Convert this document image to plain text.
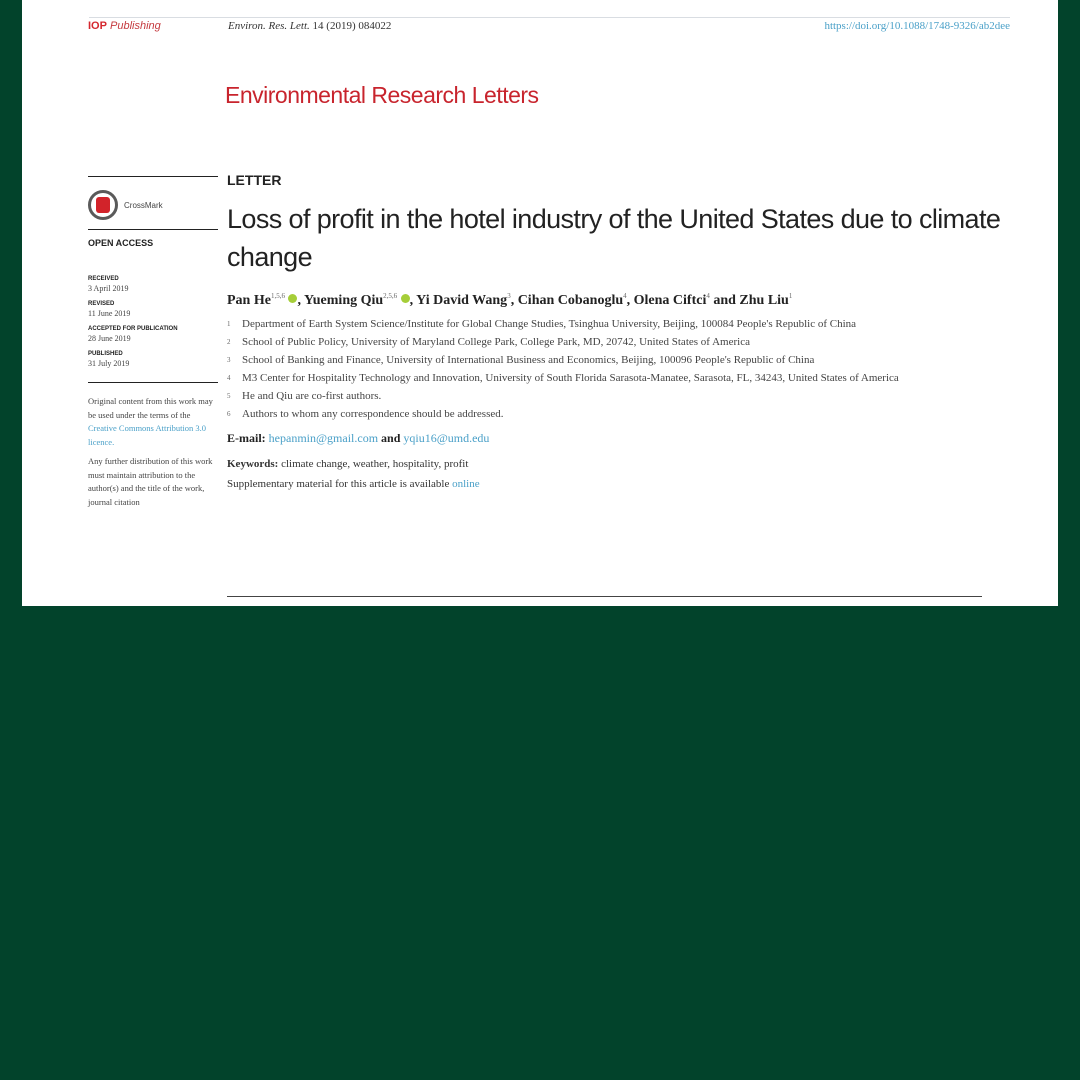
IOP Publishing	Environ. Res. Lett. 14 (2019) 084022	https://doi.org/10.1088/1748-9326/ab2dee
Environmental Research Letters
CrossMark
OPEN ACCESS
RECEIVED
3 April 2019
REVISED
11 June 2019
ACCEPTED FOR PUBLICATION
28 June 2019
PUBLISHED
31 July 2019
Original content from this work may be used under the terms of the Creative Commons Attribution 3.0 licence.
Any further distribution of this work must maintain attribution to the author(s) and the title of the work, journal citation
LETTER
Loss of profit in the hotel industry of the United States due to climate change
Pan He$^{1,5,6}$ , Yueming Qiu$^{2,5,6}$ , Yi David Wang$^3$, Cihan Cobanoglu$^4$, Olena Ciftci$^4$ and Zhu Liu$^1$
1	Department of Earth System Science/Institute for Global Change Studies, Tsinghua University, Beijing, 100084 People's Republic of China
2	School of Public Policy, University of Maryland College Park, College Park, MD, 20742, United States of America
3	School of Banking and Finance, University of International Business and Economics, Beijing, 100096 People's Republic of China
4	M3 Center for Hospitality Technology and Innovation, University of South Florida Sarasota-Manatee, Sarasota, FL, 34243, United States of America
5	He and Qiu are co-first authors.
6	Authors to whom any correspondence should be addressed.
E-mail: hepanmin@gmail.com and yqiu16@umd.edu
Keywords: climate change, weather, hospitality, profit
Supplementary material for this article is available online
